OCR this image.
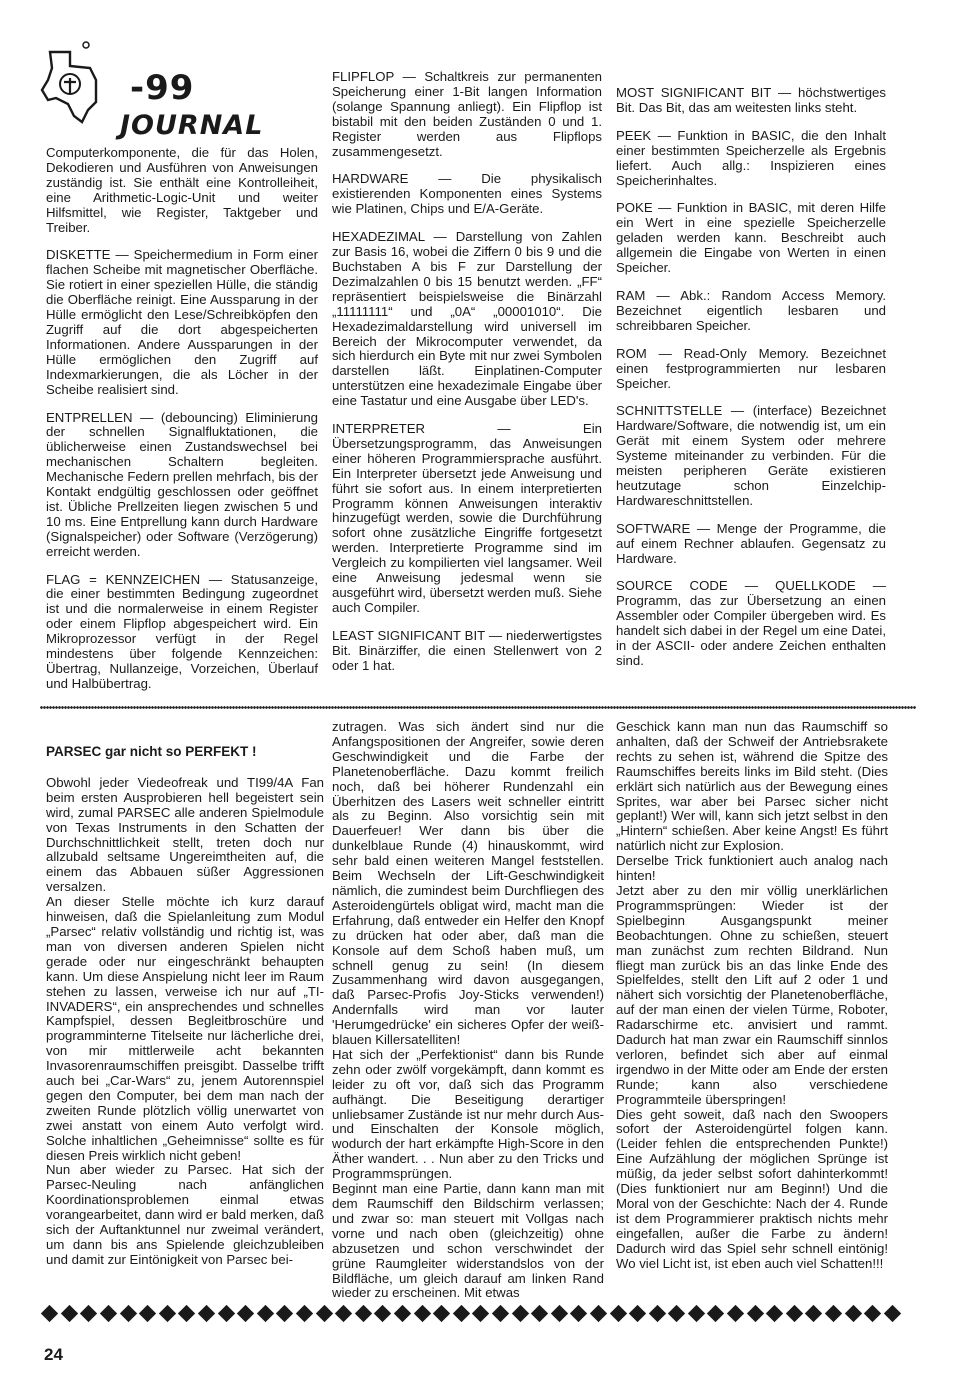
-99
JOURNAL

Computerkomponente, die für das Holen, Dekodieren und Ausführen von Anweisungen zuständig ist. Sie enthält eine Kontrolleiheit, eine Arithmetic-Logic-Unit und weiter Hilfsmittel, wie Register, Taktgeber und Treiber.

DISKETTE — Speichermedium in Form einer flachen Scheibe mit magnetischer Oberfläche. Sie rotiert in einer speziellen Hülle, die ständig die Oberfläche reinigt. Eine Aussparung in der Hülle ermöglicht den Lese/Schreibköpfen den Zugriff auf die dort abgespeicherten Informationen. Andere Aussparungen in der Hülle ermöglichen den Zugriff auf Indexmarkierungen, die als Löcher in der Scheibe realisiert sind.

ENTPRELLEN — (debouncing) Eliminierung der schnellen Signalfluktationen, die üblicherweise einen Zustandswechsel bei mechanischen Schaltern begleiten. Mechanische Federn prellen mehrfach, bis der Kontakt endgültig geschlossen oder geöffnet ist. Übliche Prellzeiten liegen zwischen 5 und 10 ms. Eine Entprellung kann durch Hardware (Signalspeicher) oder Software (Verzögerung) erreicht werden.

FLAG = KENNZEICHEN — Statusanzeige, die einer bestimmten Bedingung zugeordnet ist und die normalerweise in einem Register oder einem Flipflop abgespeichert wird. Ein Mikroprozessor verfügt in der Regel mindestens über folgende Kennzeichen: Übertrag, Nullanzeige, Vorzeichen, Überlauf und Halbübertrag.

FLIPFLOP — Schaltkreis zur permanenten Speicherung einer 1-Bit langen Information (solange Spannung anliegt). Ein Flipflop ist bistabil mit den beiden Zuständen 0 und 1. Register werden aus Flipflops zusammengesetzt.

HARDWARE — Die physikalisch existierenden Komponenten eines Systems wie Platinen, Chips und E/A-Geräte.

HEXADEZIMAL — Darstellung von Zahlen zur Basis 16, wobei die Ziffern 0 bis 9 und die Buchstaben A bis F zur Darstellung der Dezimalzahlen 0 bis 15 benutzt werden. „FF“ repräsentiert beispielsweise die Binärzahl „11111111“ und „0A“ „00001010“. Die Hexadezimaldarstellung wird universell im Bereich der Mikrocomputer verwendet, da sich hierdurch ein Byte mit nur zwei Symbolen darstellen läßt. Einplatinen-Computer unterstützen eine hexadezimale Eingabe über eine Tastatur und eine Ausgabe über LED's.

INTERPRETER — Ein Übersetzungsprogramm, das Anweisungen einer höheren Programmiersprache ausführt. Ein Interpreter übersetzt jede Anweisung und führt sie sofort aus. In einem interpretierten Programm können Anweisungen interaktiv hinzugefügt werden, sowie die Durchführung sofort ohne zusätzliche Eingriffe fortgesetzt werden. Interpretierte Programme sind im Vergleich zu kompilierten viel langsamer. Weil eine Anweisung jedesmal wenn sie ausgeführt wird, übersetzt werden muß. Siehe auch Compiler.

LEAST SIGNIFICANT BIT — niederwertigstes Bit. Binärziffer, die einen Stellenwert von 2 oder 1 hat.

MOST SIGNIFICANT BIT — höchstwertiges Bit. Das Bit, das am weitesten links steht.

PEEK — Funktion in BASIC, die den Inhalt einer bestimmten Speicherzelle als Ergebnis liefert. Auch allg.: Inspizieren eines Speicherinhaltes.

POKE — Funktion in BASIC, mit deren Hilfe ein Wert in eine spezielle Speicherzelle geladen werden kann. Beschreibt auch allgemein die Eingabe von Werten in einen Speicher.

RAM — Abk.: Random Access Memory. Bezeichnet eigentlich lesbaren und schreibbaren Speicher.

ROM — Read-Only Memory. Bezeichnet einen festprogrammierten nur lesbaren Speicher.

SCHNITTSTELLE — (interface) Bezeichnet Hardware/Software, die notwendig ist, um ein Gerät mit einem System oder mehrere Systeme miteinander zu verbinden. Für die meisten peripheren Geräte existieren heutzutage schon Einzelchip-Hardwareschnittstellen.

SOFTWARE — Menge der Programme, die auf einem Rechner ablaufen. Gegensatz zu Hardware.

SOURCE CODE — QUELLKODE — Programm, das zur Übersetzung an einen Assembler oder Compiler übergeben wird. Es handelt sich dabei in der Regel um eine Datei, in der ASCII- oder andere Zeichen enthalten sind.

PARSEC gar nicht so PERFEKT !

Obwohl jeder Viedeofreak und TI99/4A Fan beim ersten Ausprobieren hell begeistert sein wird, zumal PARSEC alle anderen Spielmodule von Texas Instruments in den Schatten der Durchschnittlichkeit stellt, treten doch nur allzubald seltsame Ungereimtheiten auf, die einem das Abbauen süßer Aggressionen versalzen.

An dieser Stelle möchte ich kurz darauf hinweisen, daß die Spielanleitung zum Modul „Parsec“ relativ vollständig und richtig ist, was man von diversen anderen Spielen nicht gerade oder nur eingeschränkt behaupten kann. Um diese Anspielung nicht leer im Raum stehen zu lassen, verweise ich nur auf „TI-INVADERS“, ein ansprechendes und schnelles Kampfspiel, dessen Begleitbroschüre und programminterne Titelseite nur lächerliche drei, von mir mittlerweile acht bekannten Invasorenraumschiffen preisgibt. Dasselbe trifft auch bei „Car-Wars“ zu, jenem Autorennspiel gegen den Computer, bei dem man nach der zweiten Runde plötzlich völlig unerwartet von zwei anstatt von einem Auto verfolgt wird. Solche inhaltlichen „Geheimnisse“ sollte es für diesen Preis wirklich nicht geben!

Nun aber wieder zu Parsec. Hat sich der Parsec-Neuling nach anfänglichen Koordinationsproblemen einmal etwas vorangearbeitet, dann wird er bald merken, daß sich der Auftanktunnel nur zweimal verändert, um dann bis ans Spielende gleichzubleiben und damit zur Eintönigkeit von Parsec bei-

zutragen. Was sich ändert sind nur die Anfangspositionen der Angreifer, sowie deren Geschwindigkeit und die Farbe der Planetenoberfläche. Dazu kommt freilich noch, daß bei höherer Rundenzahl ein Überhitzen des Lasers weit schneller eintritt als zu Beginn. Also vorsichtig sein mit Dauerfeuer! Wer dann bis über die dunkelblaue Runde (4) hinauskommt, wird sehr bald einen weiteren Mangel feststellen. Beim Wechseln der Lift-Geschwindigkeit nämlich, die zumindest beim Durchfliegen des Asteroidengürtels obligat wird, macht man die Erfahrung, daß entweder ein Helfer den Knopf zu drücken hat oder aber, daß man die Konsole auf dem Schoß haben muß, um schnell genug zu sein! (In diesem Zusammenhang wird davon ausgegangen, daß Parsec-Profis Joy-Sticks verwenden!) Andernfalls wird man vor lauter 'Herumgedrücke' ein sicheres Opfer der weiß-blauen Killersatelliten!

Hat sich der „Perfektionist“ dann bis Runde zehn oder zwölf vorgekämpft, dann kommt es leider zu oft vor, daß sich das Programm aufhängt. Die Beseitigung derartiger unliebsamer Zustände ist nur mehr durch Aus- und Einschalten der Konsole möglich, wodurch der hart erkämpfte High-Score in den Äther wandert. . . Nun aber zu den Tricks und Programmsprüngen.

Beginnt man eine Partie, dann kann man mit dem Raumschiff den Bildschirm verlassen; und zwar so: man steuert mit Vollgas nach vorne und nach oben (gleichzeitig) ohne abzusetzen und schon verschwindet der grüne Raumgleiter widerstandslos von der Bildfläche, um gleich darauf am linken Rand wieder zu erscheinen. Mit etwas

Geschick kann man nun das Raumschiff so anhalten, daß der Schweif der Antriebsrakete rechts zu sehen ist, während die Spitze des Raumschiffes bereits links im Bild steht. (Dies erklärt sich natürlich aus der Bewegung eines Sprites, war aber bei Parsec sicher nicht geplant!) Wer will, kann sich jetzt selbst in den „Hintern“ schießen. Aber keine Angst! Es führt natürlich nicht zur Explosion.

Derselbe Trick funktioniert auch analog nach hinten!

Jetzt aber zu den mir völlig unerklärlichen Programmsprüngen: Wieder ist der Spielbeginn Ausgangspunkt meiner Beobachtungen. Ohne zu schießen, steuert man zunächst zum rechten Bildrand. Nun fliegt man zurück bis an das linke Ende des Spielfeldes, stellt den Lift auf 2 oder 1 und nähert sich vorsichtig der Planetenoberfläche, auf der man einen der vielen Türme, Roboter, Radarschirme etc. anvisiert und rammt. Dadurch hat man zwar ein Raumschiff sinnlos verloren, befindet sich aber auf einmal irgendwo in der Mitte oder am Ende der ersten Runde; kann also verschiedene Programmteile überspringen!

Dies geht soweit, daß nach den Swoopers sofort der Asteroidengürtel folgen kann. (Leider fehlen die entsprechenden Punkte!) Eine Aufzählung der möglichen Sprünge ist müßig, da jeder selbst sofort dahinterkommt! (Dies funktioniert nur am Beginn!) Und die Moral von der Geschichte: Nach der 4. Runde ist dem Programmierer praktisch nichts mehr eingefallen, außer die Farbe zu ändern! Dadurch wird das Spiel sehr schnell eintönig! Wo viel Licht ist, ist eben auch viel Schatten!!!

24
